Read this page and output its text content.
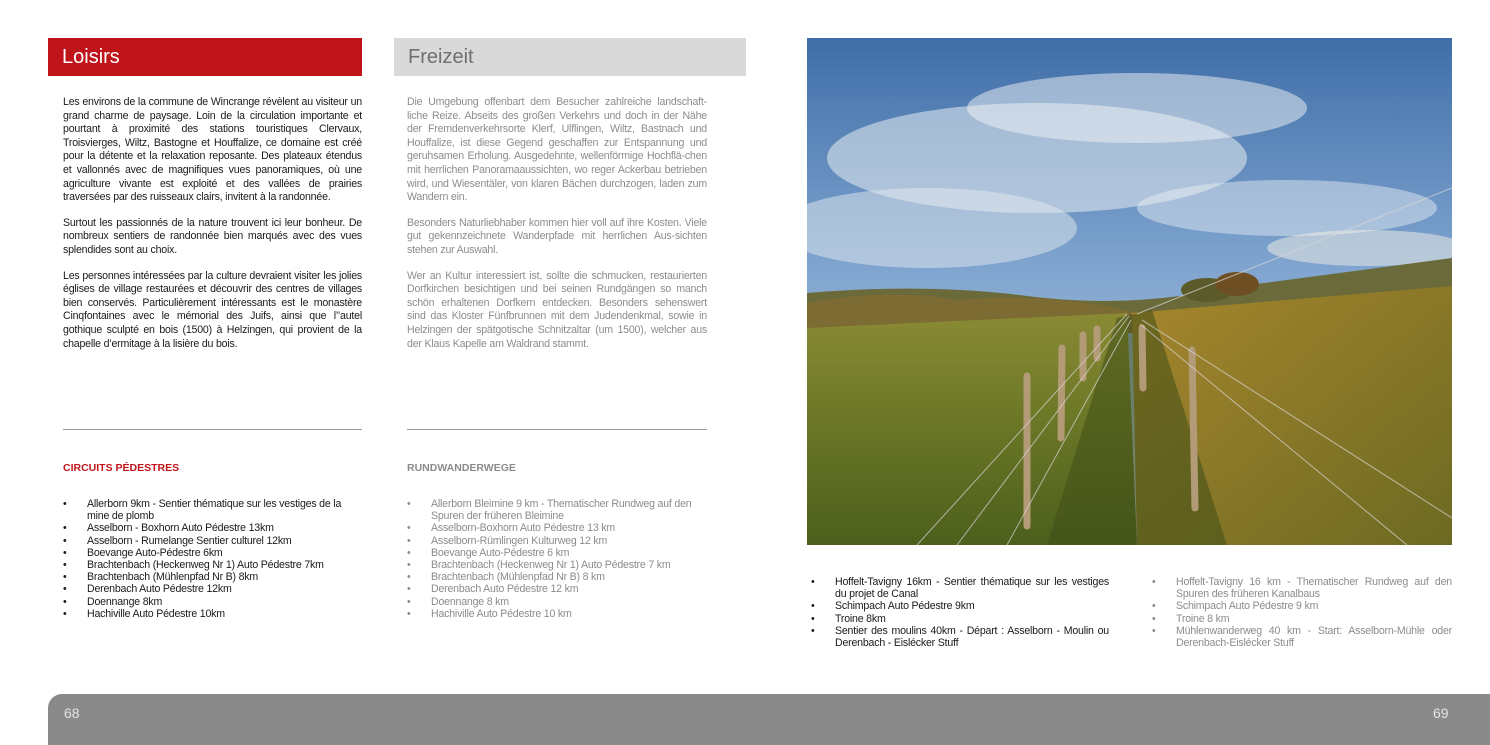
Loisirs	Freizeit

Les environs de la commune de Wincrange révèlent au visiteur un grand charme de paysage. Loin de la circulation importante et pourtant à proximité des stations touristiques Clervaux, Troisvierges, Wiltz, Bastogne et Houffalize, ce domaine est créé pour la détente et la relaxation reposante. Des plateaux étendus et vallonnés avec de magnifiques vues panoramiques, où une agriculture vivante est exploité et des vallées de prairies traversées par des ruisseaux clairs, invitent à la randonnée.

Surtout les passionnés de la nature trouvent ici leur bonheur. De nombreux sentiers de randonnée bien marqués avec des vues splendides sont au choix.

Les personnes intéressées par la culture devraient visiter les jolies églises de village restaurées et découvrir des centres de villages bien conservés. Particulièrement intéressants est le monastère Cinqfontaines avec le mémorial des Juifs, ainsi que l’’autel gothique sculpté en bois (1500) à Helzingen, qui provient de la chapelle d’ermitage à la lisière du bois.

Die Umgebung offenbart dem Besucher zahlreiche landschaft-liche Reize. Abseits des großen Verkehrs und doch in der Nähe der Fremdenverkehrsorte Klerf, Ulflingen, Wiltz, Bastnach und Houffalize, ist diese Gegend geschaffen zur Entspannung und geruhsamen Erholung. Ausgedehnte, wellenförmige Hochflä-chen mit herrlichen Panoramaaussichten, wo reger Ackerbau betrieben wird, und Wiesentäler, von klaren Bächen durchzogen, laden zum Wandern ein.

Besonders Naturliebhaber kommen hier voll auf ihre Kosten. Viele gut gekennzeichnete Wanderpfade mit herrlichen Aus-sichten stehen zur Auswahl.

Wer an Kultur interessiert ist, sollte die schmucken, restaurierten Dorfkirchen besichtigen und bei seinen Rundgängen so manch schön erhaltenen Dorfkern entdecken. Besonders sehenswert sind das Kloster Fünfbrunnen mit dem Judendenkmal, sowie in Helzingen der spätgotische Schnitzaltar (um 1500), welcher aus der Klaus Kapelle am Waldrand stammt.

CIRCUITS PÉDESTRES	RUNDWANDERWEGE
• Allerborn 9km - Sentier thématique sur les vestiges de la mine de plomb
• Asselborn - Boxhorn Auto Pédestre 13km
• Asselborn - Rumelange Sentier culturel 12km
• Boevange Auto-Pédestre 6km
• Brachtenbach (Heckenweg Nr 1) Auto Pédestre 7km
• Brachtenbach (Mühlenpfad Nr B) 8km
• Derenbach Auto Pédestre 12km
• Doennange 8km
• Hachiville Auto Pédestre 10km
• Allerborn Bleimine 9 km - Thematischer Rundweg auf den Spuren der früheren Bleimine
• Asselborn-Boxhorn Auto Pédestre 13 km
• Asselborn-Rümlingen Kulturweg 12 km
• Boevange Auto-Pédestre 6 km
• Brachtenbach (Heckenweg Nr 1) Auto Pédestre 7 km
• Brachtenbach (Mühlenpfad Nr B) 8 km
• Derenbach Auto Pédestre 12 km
• Doennange 8 km
• Hachiville Auto Pédestre 10 km
• Hoffelt-Tavigny 16km - Sentier thématique sur les vestiges du projet de Canal
• Schimpach Auto Pédestre 9km
• Troine 8km
• Sentier des moulins 40km - Départ : Asselborn - Moulin ou Derenbach - Eislécker Stuff
• Hoffelt-Tavigny 16 km - Thematischer Rundweg auf den Spuren des früheren Kanalbaus
• Schimpach Auto Pédestre 9 km
• Troine 8 km
• Mühlenwanderweg 40 km - Start: Asselborn-Mühle oder Derenbach-Eislécker Stuff
68	69
